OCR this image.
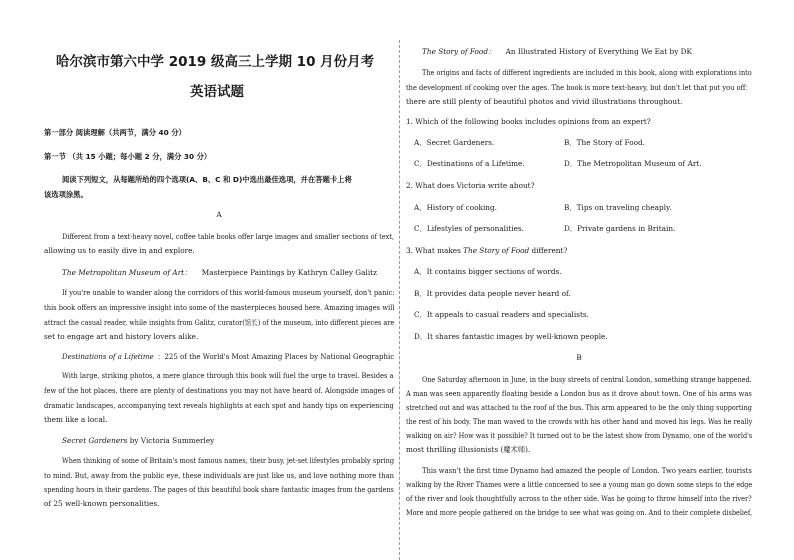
哈尔滨市第六中学 2019 级高三上学期 10 月份月考
英语试题
第一部分 阅读理解（共两节，满分 40 分）
第一节 （共 15 小题；每小题 2 分，满分 30 分）
阅读下列短文，从每题所给的四个选项(A、B、C 和 D)中选出最佳选项，并在答题卡上将
该选项涂黑。
A
Different from a text-heavy novel, coffee table books offer large images and smaller sections of text,
allowing us to easily dive in and explore.
The Metropolitan Museum of Art： Masterpiece Paintings by Kathryn Calley Galitz
If you're unable to wander along the corridors of this world-famous museum yourself, don't panic:
this book offers an impressive insight into some of the masterpieces housed here. Amazing images will
attract the casual reader, while insights from Galitz, curator(馆长) of the museum, into different pieces are
set to engage art and history lovers alike.
Destinations of a Lifetime ：225 of the World's Most Amazing Places by National Geographic
With large, striking photos, a mere glance through this book will fuel the urge to travel. Besides a
few of the hot places, there are plenty of destinations you may not have heard of. Alongside images of
dramatic landscapes, accompanying text reveals highlights at each spot and handy tips on experiencing
them like a local.
Secret Gardeners by Victoria Summerley
When thinking of some of Britain's most famous names, their busy, jet-set lifestyles probably spring
to mind. But, away from the public eye, these individuals are just like us, and love nothing more than
spending hours in their gardens. The pages of this beautiful book share fantastic images from the gardens
of 25 well-known personalities.
The Story of Food： An Illustrated History of Everything We Eat by DK
The origins and facts of different ingredients are included in this book, along with explorations into
the development of cooking over the ages. The book is more text-heavy, but don't let that put you off：
there are still plenty of beautiful photos and vivid illustrations throughout.
1. Which of the following books includes opinions from an expert?
A．Secret Gardeners.	B．The Story of Food.
C．Destinations of a Lifetime.	D．The Metropolitan Museum of Art.
2. What does Victoria write about?
A．History of cooking.	B．Tips on traveling cheaply.
C．Lifestyles of personalities.	D．Private gardens in Britain.
3. What makes The Story of Food different?
A．It contains bigger sections of words.
B．It provides data people never heard of.
C．It appeals to casual readers and specialists.
D．It shares fantastic images by well-known people.
B
One Saturday afternoon in June, in the busy streets of central London, something strange happened.
A man was seen apparently floating beside a London bus as it drove about town. One of his arms was
stretched out and was attached to the roof of the bus. This arm appeared to be the only thing supporting
the rest of his body. The man waved to the crowds with his other hand and moved his legs. Was he really
walking on air? How was it possible? It turned out to be the latest show from Dynamo, one of the world's
most thrilling illusionists (魔术师).
This wasn't the first time Dynamo had amazed the people of London. Two years earlier, tourists
walking by the River Thames were a little concerned to see a young man go down some steps to the edge
of the river and look thoughtfully across to the other side. Was he going to throw himself into the river?
More and more people gathered on the bridge to see what was going on. And to their complete disbelief,
